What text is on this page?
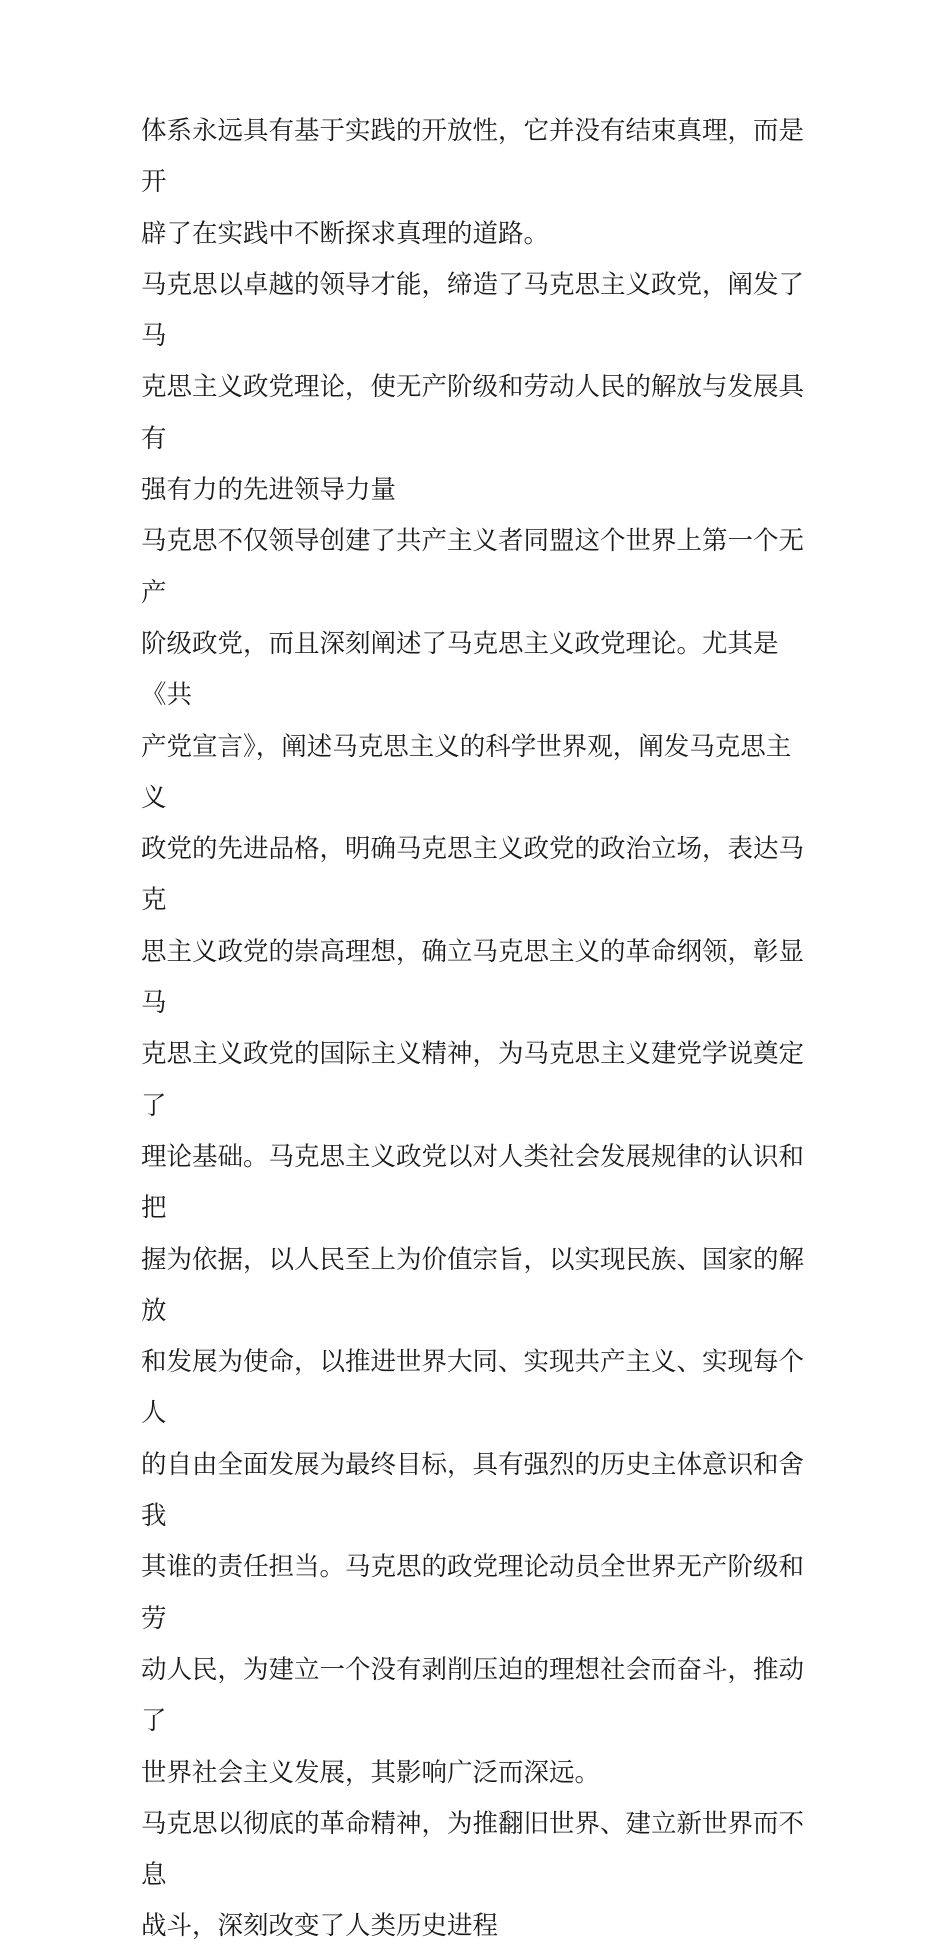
体系永远具有基于实践的开放性，它并没有结束真理，而是开
辟了在实践中不断探求真理的道路。

马克思以卓越的领导才能，缔造了马克思主义政党，阐发了马
克思主义政党理论，使无产阶级和劳动人民的解放与发展具有
强有力的先进领导力量

马克思不仅领导创建了共产主义者同盟这个世界上第一个无产
阶级政党，而且深刻阐述了马克思主义政党理论。尤其是《共
产党宣言》，阐述马克思主义的科学世界观，阐发马克思主义
政党的先进品格，明确马克思主义政党的政治立场，表达马克
思主义政党的崇高理想，确立马克思主义的革命纲领，彰显马
克思主义政党的国际主义精神，为马克思主义建党学说奠定了
理论基础。马克思主义政党以对人类社会发展规律的认识和把
握为依据，以人民至上为价值宗旨，以实现民族、国家的解放
和发展为使命，以推进世界大同、实现共产主义、实现每个人
的自由全面发展为最终目标，具有强烈的历史主体意识和舍我
其谁的责任担当。马克思的政党理论动员全世界无产阶级和劳
动人民，为建立一个没有剥削压迫的理想社会而奋斗，推动了
世界社会主义发展，其影响广泛而深远。

马克思以彻底的革命精神，为推翻旧世界、建立新世界而不息
战斗，深刻改变了人类历史进程
